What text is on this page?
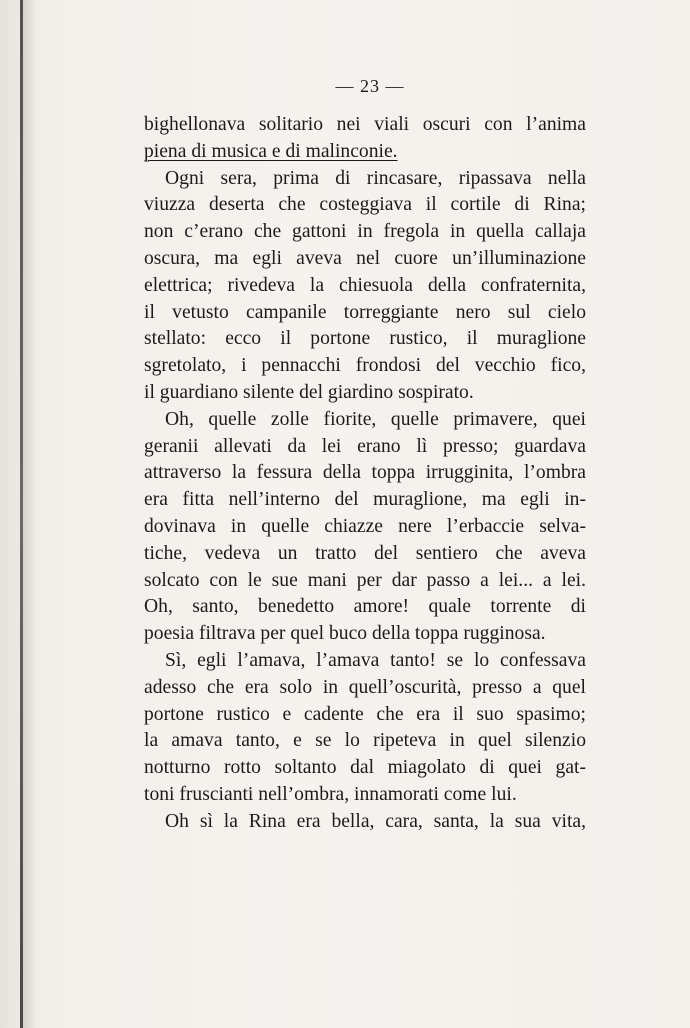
— 23 —
bighellonava solitario nei viali oscuri con l’anima
piena di musica e di malinconie.
Ogni sera, prima di rincasare, ripassava nella
viuzza deserta che costeggiava il cortile di Rina;
non c’erano che gattoni in fregola in quella callaja
oscura, ma egli aveva nel cuore un’illuminazione
elettrica; rivedeva la chiesuola della confraternita,
il vetusto campanile torreggiante nero sul cielo
stellato: ecco il portone rustico, il muraglione
sgretolato, i pennacchi frondosi del vecchio fico,
il guardiano silente del giardino sospirato.
Oh, quelle zolle fiorite, quelle primavere, quei
geranii allevati da lei erano lì presso; guardava
attraverso la fessura della toppa irrugginita, l’ombra
era fitta nell’interno del muraglione, ma egli in-
dovinava in quelle chiazze nere l’erbaccie selva-
tiche, vedeva un tratto del sentiero che aveva
solcato con le sue mani per dar passo a lei... a lei.
Oh, santo, benedetto amore! quale torrente di
poesia filtrava per quel buco della toppa rugginosa.
Sì, egli l’amava, l’amava tanto! se lo confessava
adesso che era solo in quell’oscurità, presso a quel
portone rustico e cadente che era il suo spasimo;
la amava tanto, e se lo ripeteva in quel silenzio
notturno rotto soltanto dal miagolato di quei gat-
toni fruscianti nell’ombra, innamorati come lui.
Oh sì la Rina era bella, cara, santa, la sua vita,
